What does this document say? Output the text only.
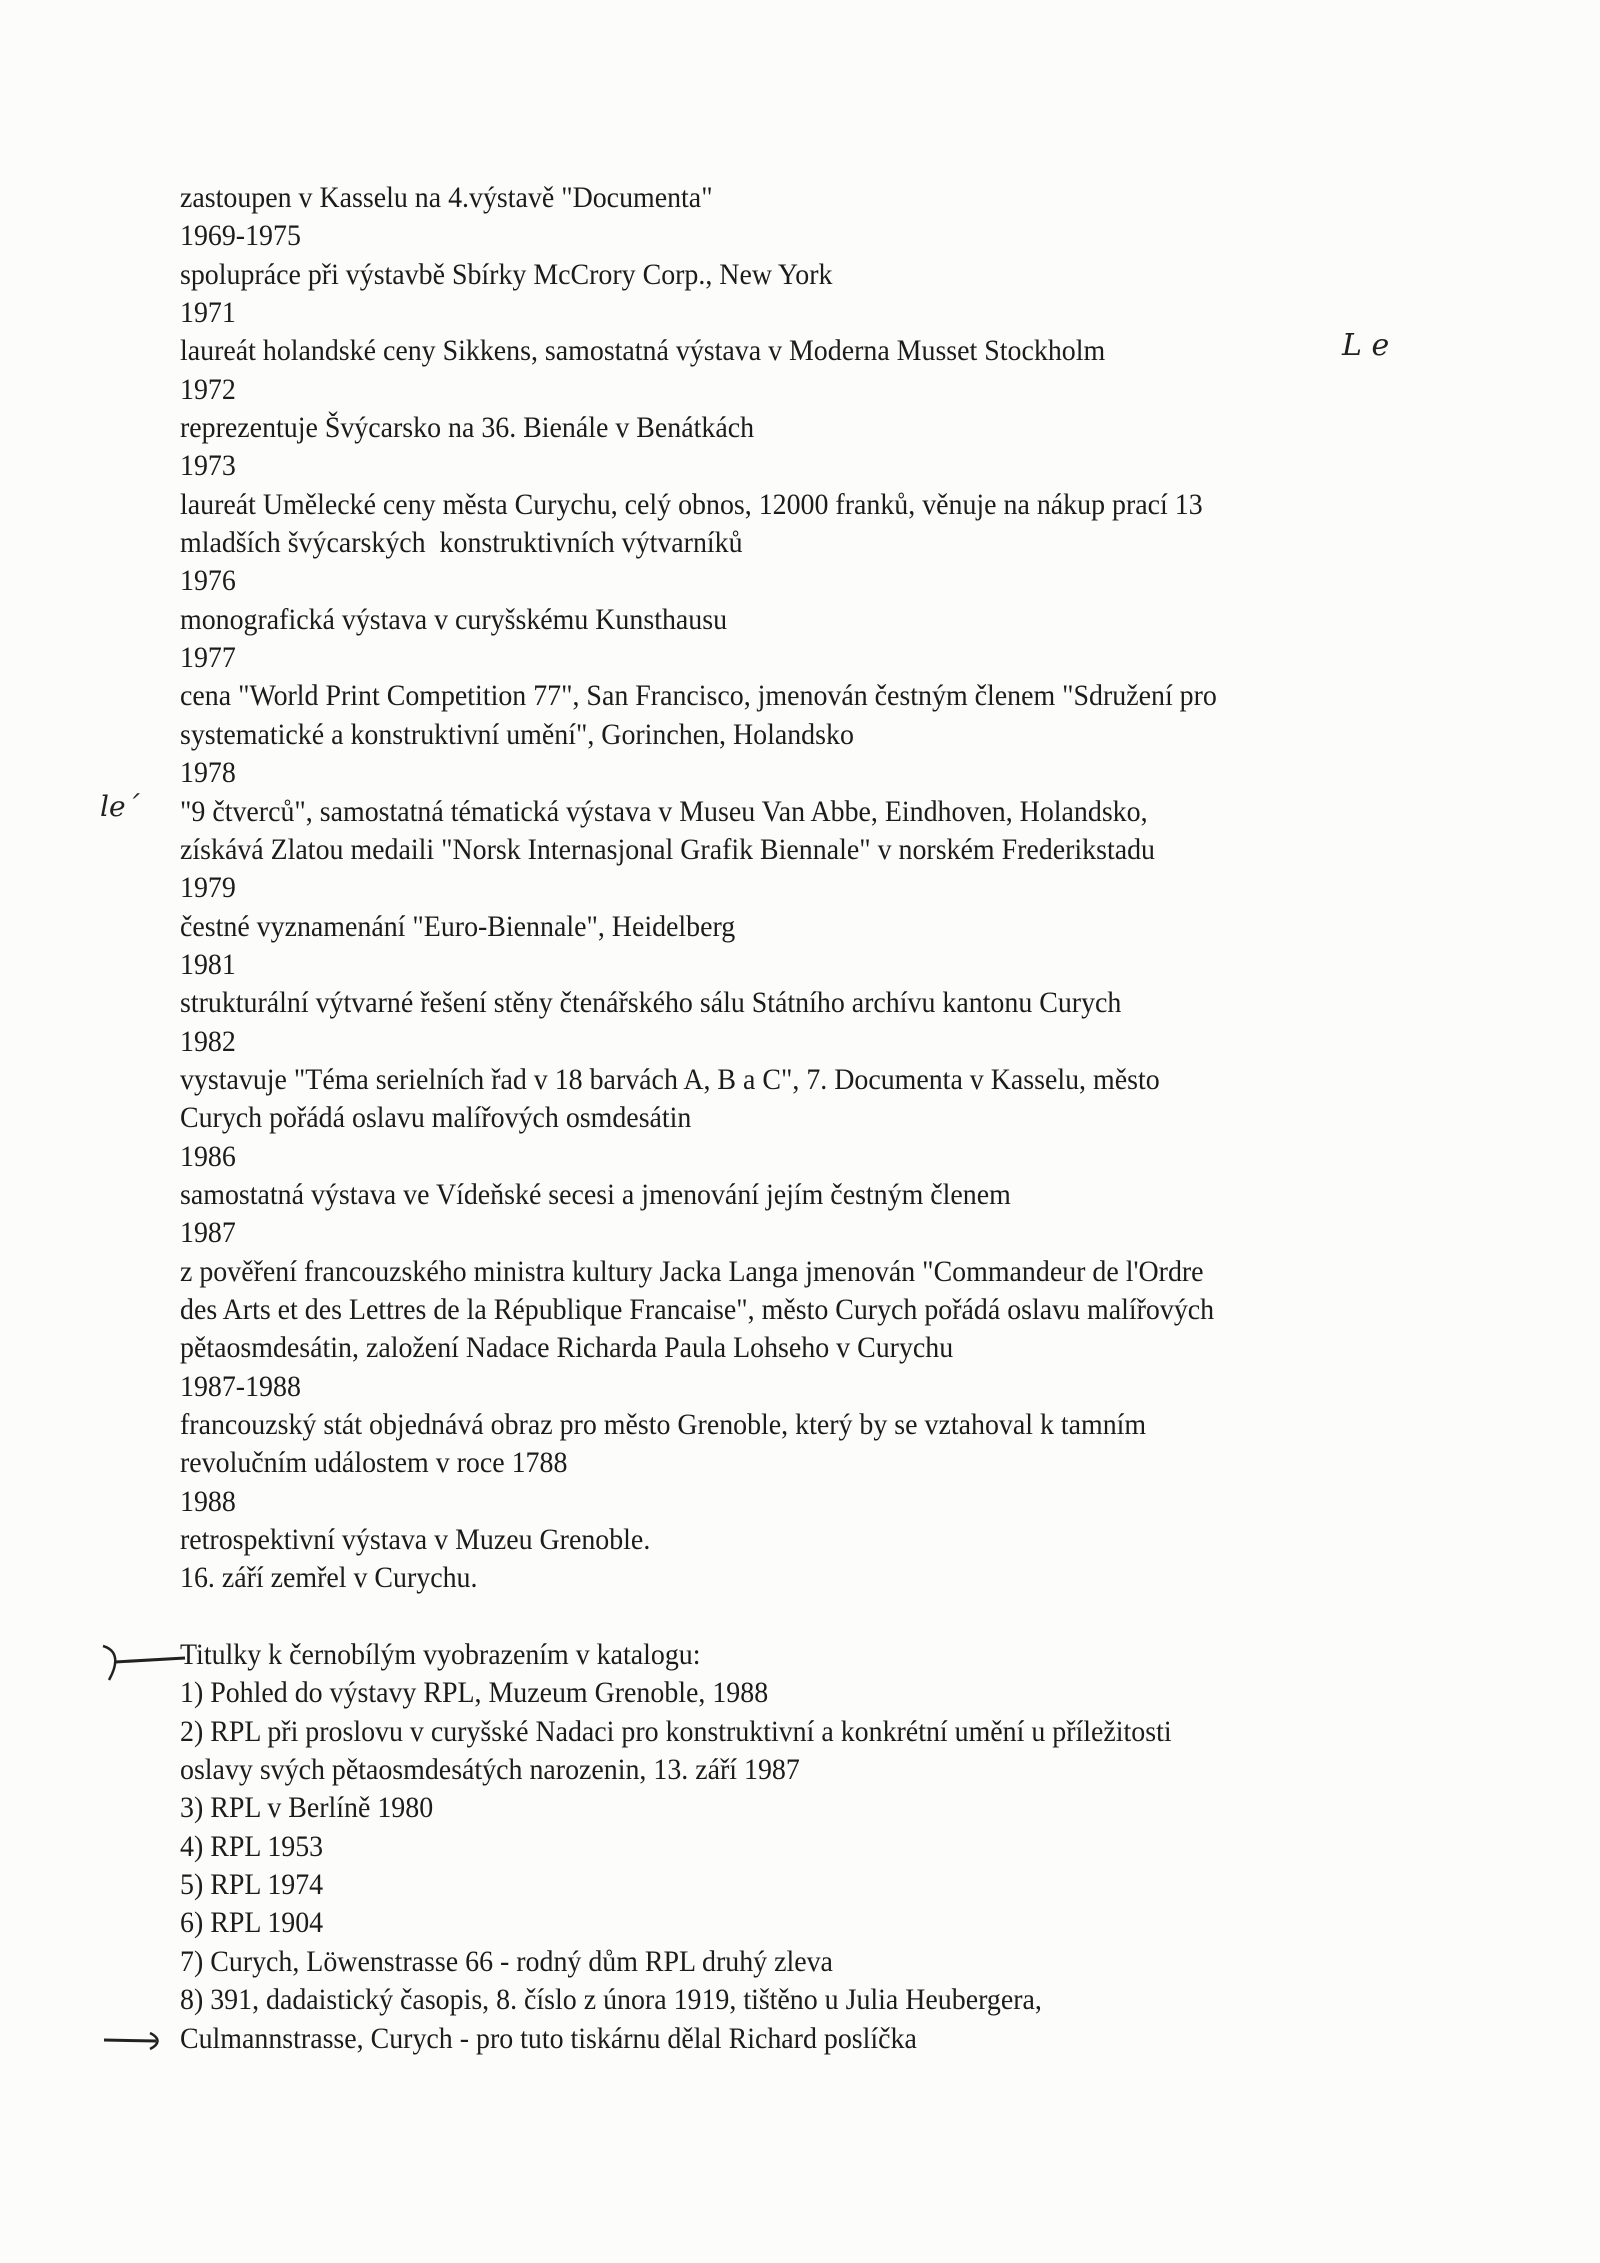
zastoupen v Kasselu na 4.výstavě "Documenta"
1969-1975
spolupráce při výstavbě Sbírky McCrory Corp., New York
1971
laureát holandské ceny Sikkens, samostatná výstava v Moderna Musset Stockholm
1972
reprezentuje Švýcarsko na 36. Bienále v Benátkách
1973
laureát Umělecké ceny města Curychu, celý obnos, 12000 franků, věnuje na nákup prací 13
mladších švýcarských  konstruktivních výtvarníků
1976
monografická výstava v curyšskému Kunsthausu
1977
cena "World Print Competition 77", San Francisco, jmenován čestným členem "Sdružení pro
systematické a konstruktivní umění", Gorinchen, Holandsko
1978
"9 čtverců", samostatná tématická výstava v Museu Van Abbe, Eindhoven, Holandsko,
získává Zlatou medaili "Norsk Internasjonal Grafik Biennale" v norském Frederikstadu
1979
čestné vyznamenání "Euro-Biennale", Heidelberg
1981
strukturální výtvarné řešení stěny čtenářského sálu Státního archívu kantonu Curych
1982
vystavuje "Téma serielních řad v 18 barvách A, B a C", 7. Documenta v Kasselu, město
Curych pořádá oslavu malířových osmdesátin
1986
samostatná výstava ve Vídeňské secesi a jmenování jejím čestným členem
1987
z pověření francouzského ministra kultury Jacka Langa jmenován "Commandeur de l'Ordre
des Arts et des Lettres de la République Francaise", město Curych pořádá oslavu malířových
pětaosmdesátin, založení Nadace Richarda Paula Lohseho v Curychu
1987-1988
francouzský stát objednává obraz pro město Grenoble, který by se vztahoval k tamním
revolučním událostem v roce 1788
1988
retrospektivní výstava v Muzeu Grenoble.
16. září zemřel v Curychu.
Titulky k černobílým vyobrazením v katalogu:
1) Pohled do výstavy RPL, Muzeum Grenoble, 1988
2) RPL při proslovu v curyšské Nadaci pro konstruktivní a konkrétní umění u příležitosti
oslavy svých pětaosmdesátých narozenin, 13. září 1987
3) RPL v Berlíně 1980
4) RPL 1953
5) RPL 1974
6) RPL 1904
7) Curych, Löwenstrasse 66 - rodný dům RPL druhý zleva
8) 391, dadaistický časopis, 8. číslo z února 1919, tištěno u Julia Heubergera,
Culmannstrasse, Curych - pro tuto tiskárnu dělal Richard poslíčka
L e
le´
